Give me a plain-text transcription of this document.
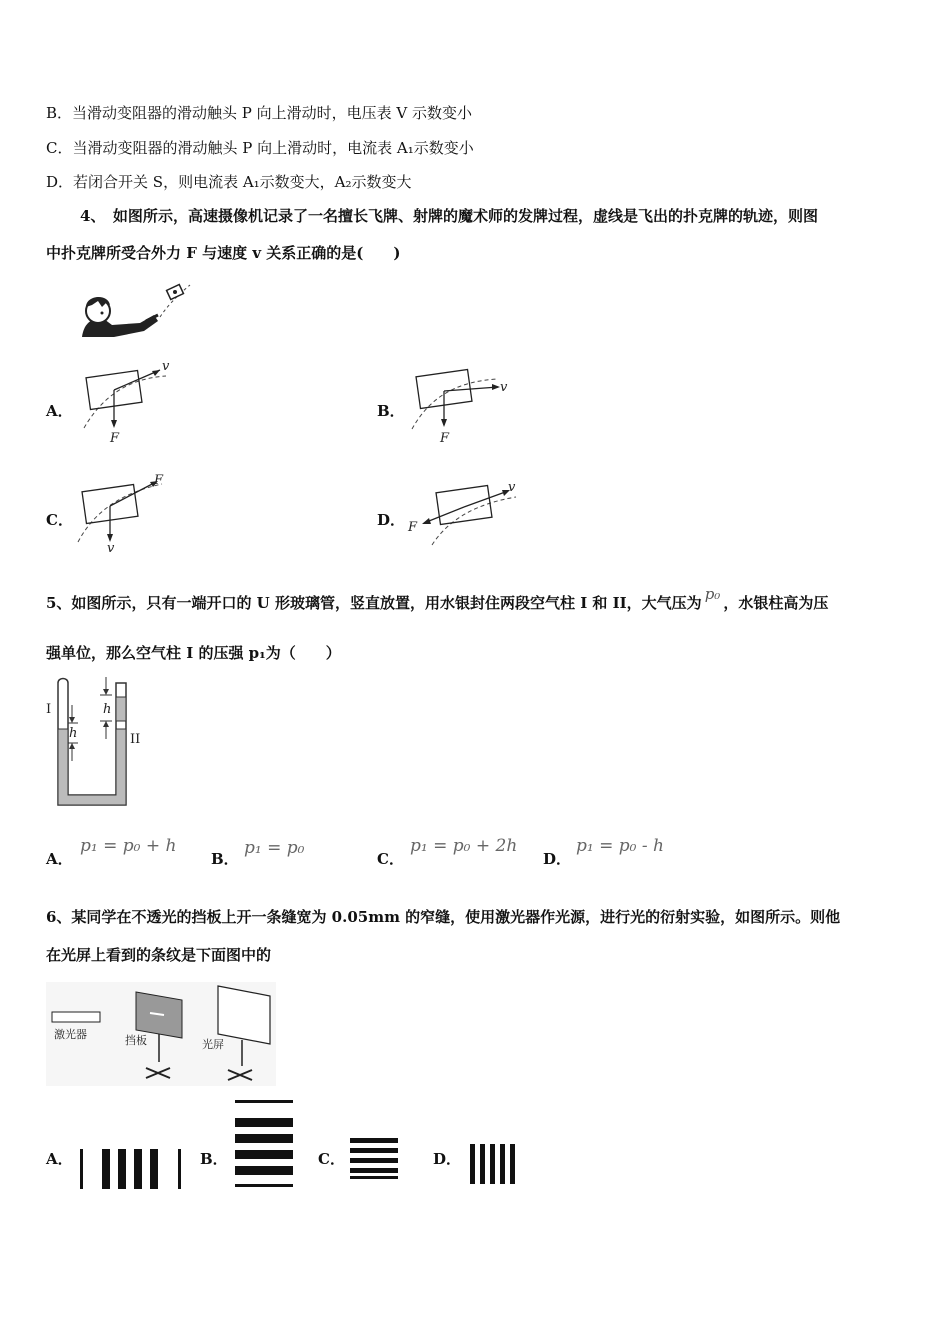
B．当滑动变阻器的滑动触头 P 向上滑动时，电压表 V 示数变小
C．当滑动变阻器的滑动触头 P 向上滑动时，电流表 A₁示数变小
D．若闭合开关 S，则电流表 A₁示数变大，A₂示数变大
4、　如图所示，高速摄像机记录了一名擅长飞牌、射牌的魔术师的发牌过程，虚线是飞出的扑克牌的轨迹，则图
中扑克牌所受合外力 F 与速度 v 关系正确的是(　　)
A．
v
F
B．
v
F
C．
F
v
D．
v
F
5、如图所示，只有一端开口的 U 形玻璃管，竖直放置，用水银封住两段空气柱 I 和 II，大气压为 p₀ ，水银柱高为压
强单位，那么空气柱 I 的压强 p₁为（　　）
h
h
I
II
A．
p₁ = p₀ + h
B．
p₁ = p₀
C．
p₁ = p₀ + 2h
D．
p₁ = p₀ - h
6、某同学在不透光的挡板上开一条缝宽为 0.05mm 的窄缝，使用激光器作光源，进行光的衍射实验，如图所示。则他
在光屏上看到的条纹是下面图中的
激光器	挡板	光屏
A．	B．	C．	D．
